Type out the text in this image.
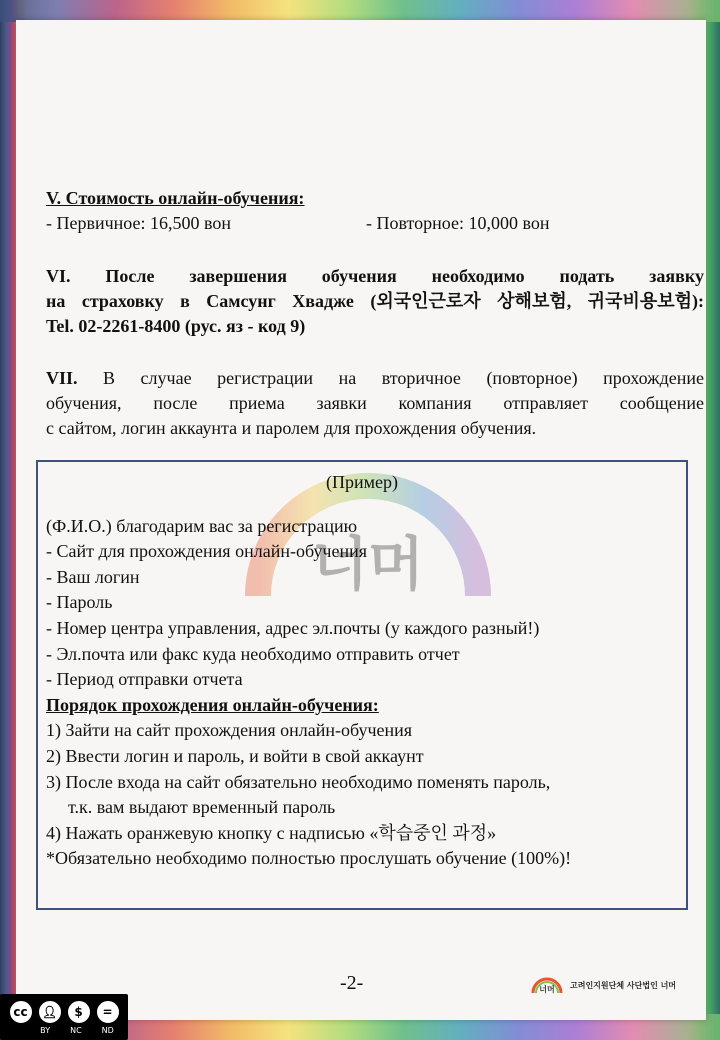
V. Стоимость онлайн-обучения:
- Первичное: 16,500 вон	- Повторное: 10,000 вон
VI. После завершения обучения необходимо подать заявку
на страховку в Самсунг Хвадже (외국인근로자 상해보험, 귀국비용보험):
Tel. 02-2261-8400 (рус. яз - код 9)
VII. В случае регистрации на вторичное (повторное) прохождение
обучения, после приема заявки компания отправляет сообщение
с сайтом, логин аккаунта и паролем для прохождения обучения.
너머
(Пример)
(Ф.И.О.) благодарим вас за регистрацию
- Сайт для прохождения онлайн-обучения
- Ваш логин
- Пароль
- Номер центра управления, адрес эл.почты (у каждого разный!)
- Эл.почта или факс куда необходимо отправить отчет
- Период отправки отчета
Порядок прохождения онлайн-обучения:
1) Зайти на сайт прохождения онлайн-обучения
2) Ввести логин и пароль, и войти в свой аккаунт
3) После входа на сайт обязательно необходимо поменять пароль,
т.к. вам выдают временный пароль
4) Нажать оранжевую кнопку с надписью «학습중인 과정»
*Обязательно необходимо полностью прослушать обучение (100%)!
-2-	너머 고려인지원단체 사단법인 너머
cc	👤︎	$	=
BY	NC	ND
